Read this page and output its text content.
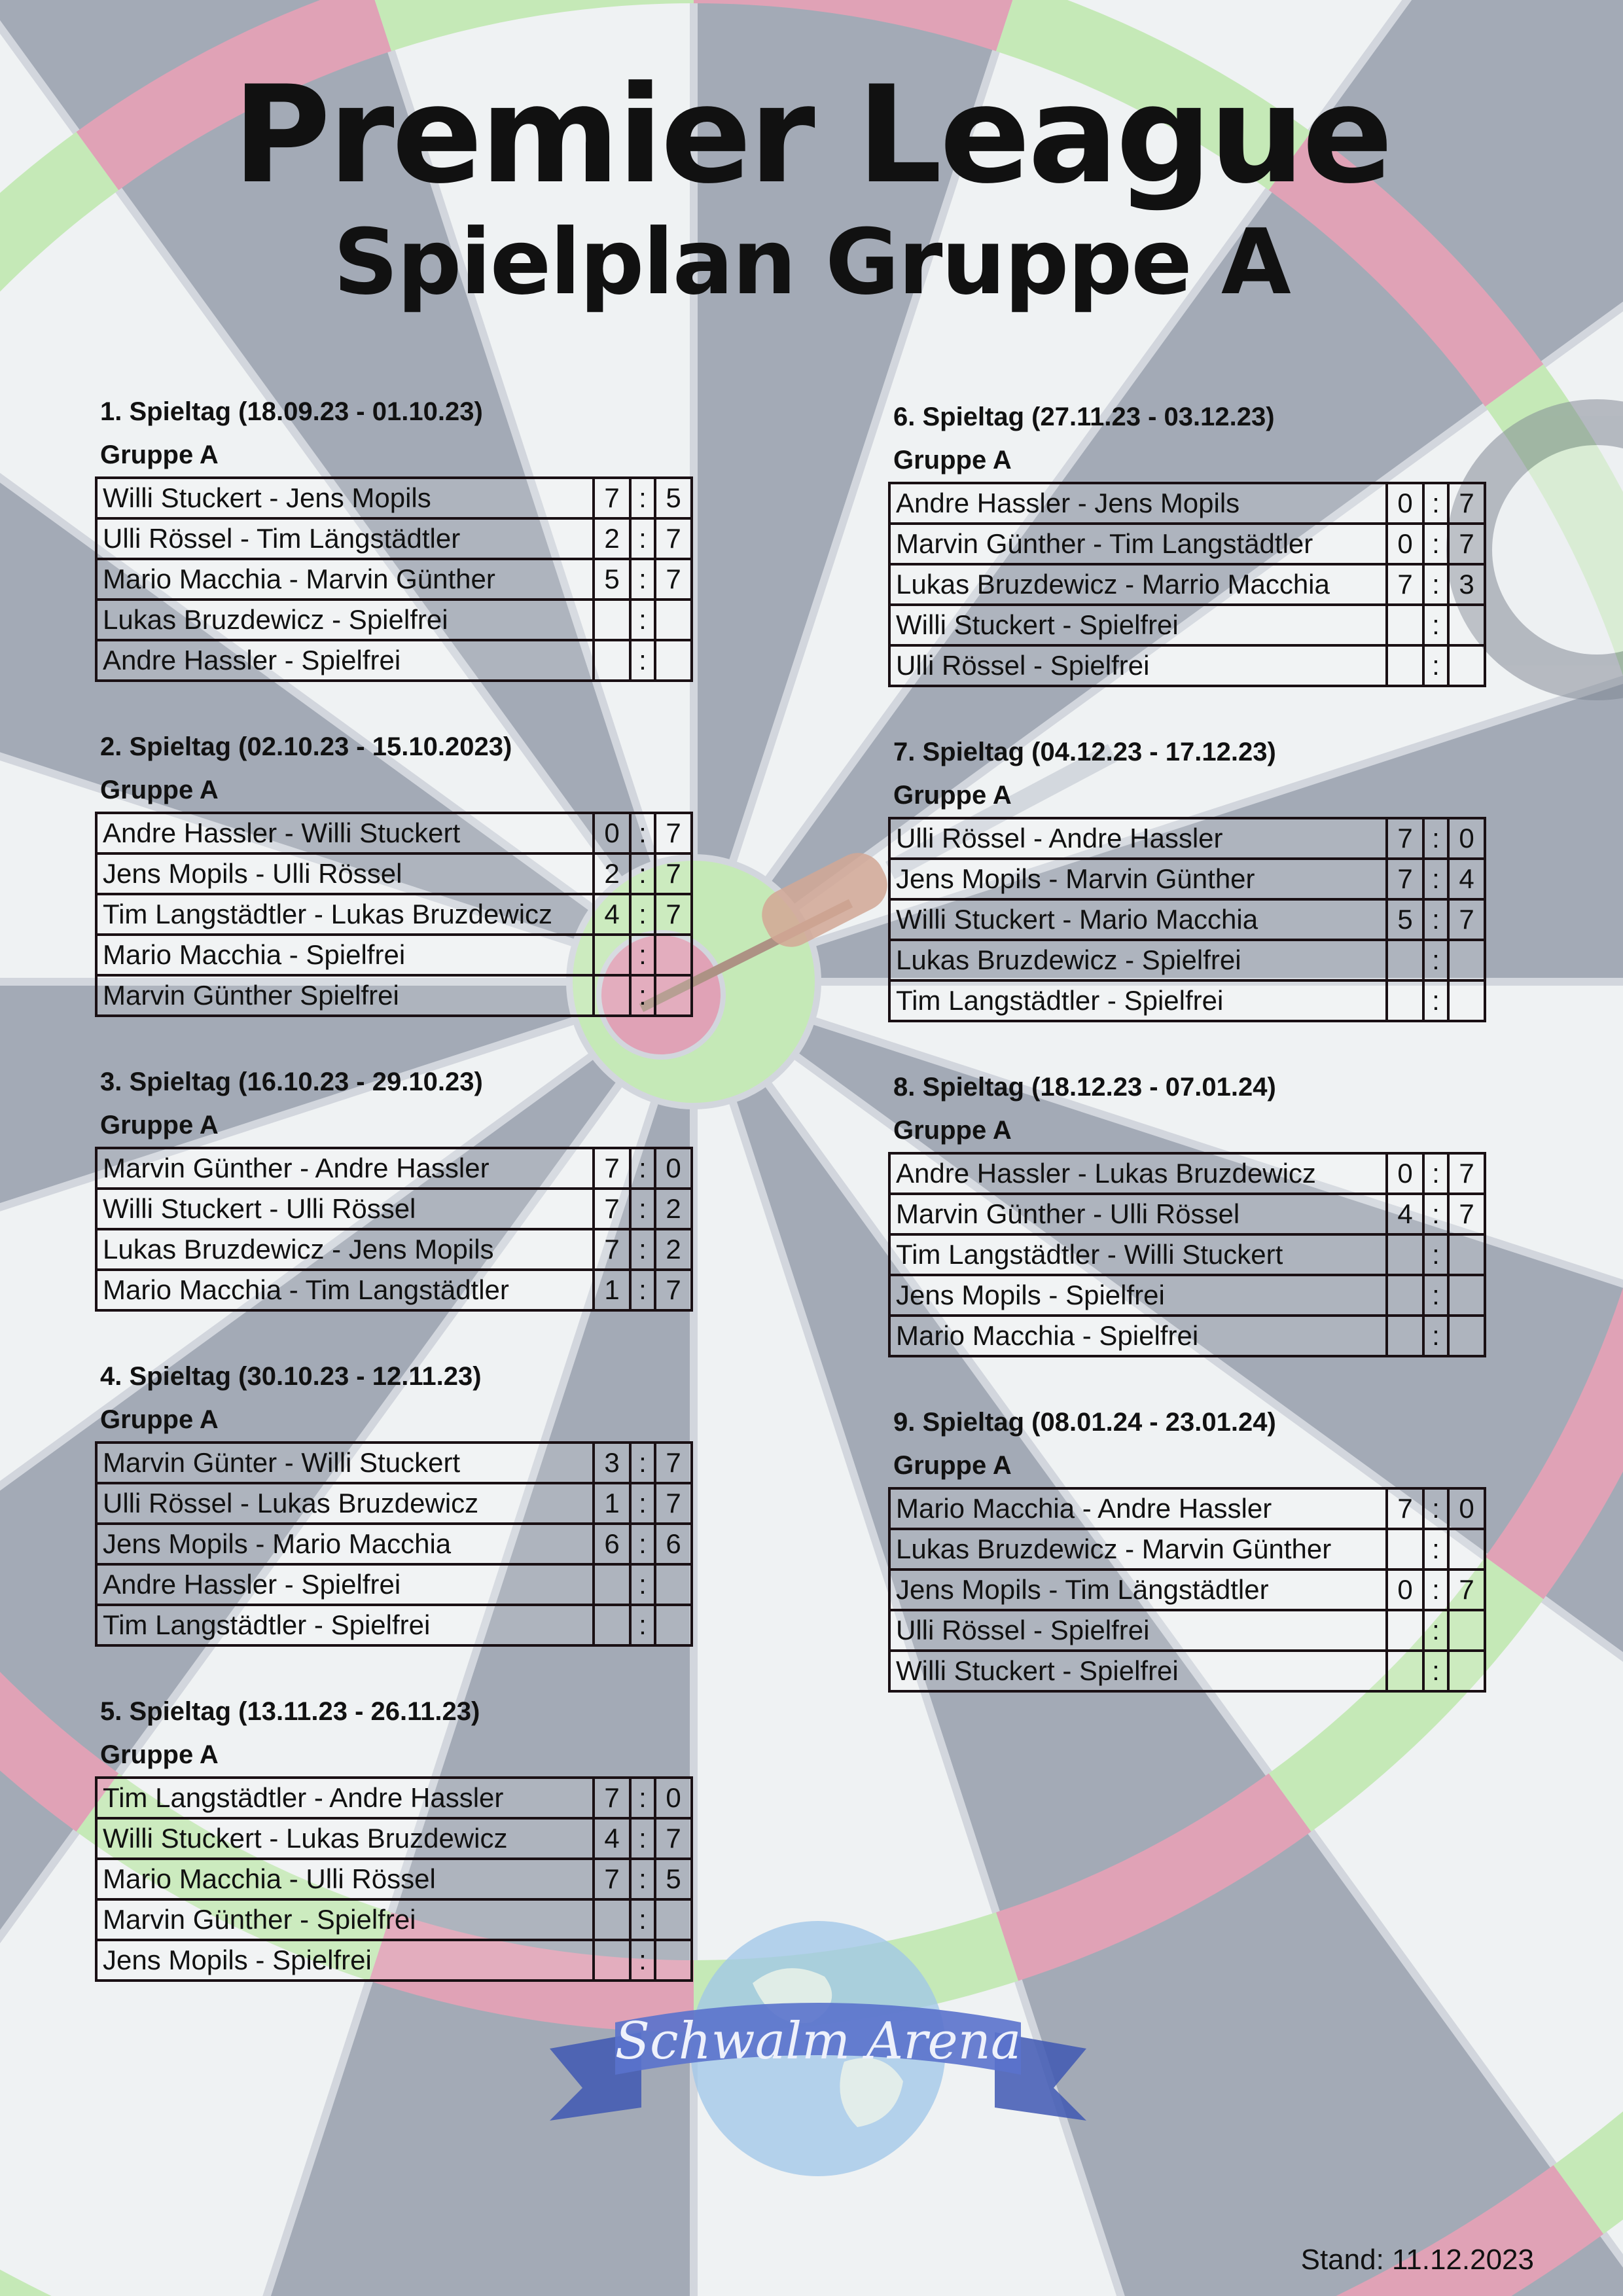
Premier League
Spielplan Gruppe A
1. Spieltag (18.09.23 - 01.10.23)
Gruppe A
Willi Stuckert - Jens Mopils	7	:	5
Ulli Rössel - Tim Längstädtler	2	:	7
Mario Macchia - Marvin Günther	5	:	7
Lukas Bruzdewicz - Spielfrei		:	
Andre Hassler - Spielfrei		:	
2. Spieltag (02.10.23 - 15.10.2023)
Gruppe A
Andre Hassler - Willi Stuckert	0	:	7
Jens Mopils - Ulli Rössel	2	:	7
Tim Langstädtler - Lukas Bruzdewicz	4	:	7
Mario Macchia - Spielfrei		:	
Marvin Günther Spielfrei		:	
3. Spieltag (16.10.23 - 29.10.23)
Gruppe A
Marvin Günther - Andre Hassler	7	:	0
Willi Stuckert - Ulli Rössel	7	:	2
Lukas Bruzdewicz - Jens Mopils	7	:	2
Mario Macchia - Tim Langstädtler	1	:	7
4. Spieltag (30.10.23 - 12.11.23)
Gruppe A
Marvin Günter - Willi Stuckert	3	:	7
Ulli Rössel - Lukas Bruzdewicz	1	:	7
Jens Mopils - Mario Macchia	6	:	6
Andre Hassler - Spielfrei		:	
Tim Langstädtler - Spielfrei		:	
5. Spieltag (13.11.23 - 26.11.23)
Gruppe A
Tim Langstädtler - Andre Hassler	7	:	0
Willi Stuckert - Lukas Bruzdewicz	4	:	7
Mario Macchia - Ulli Rössel	7	:	5
Marvin Günther - Spielfrei		:	
Jens Mopils - Spielfrei		:	
6. Spieltag (27.11.23 - 03.12.23)
Gruppe A
Andre Hassler - Jens Mopils	0	:	7
Marvin Günther - Tim Langstädtler	0	:	7
Lukas Bruzdewicz - Marrio Macchia	7	:	3
Willi Stuckert - Spielfrei		:	
Ulli Rössel - Spielfrei		:	
7. Spieltag (04.12.23 - 17.12.23)
Gruppe A
Ulli Rössel - Andre Hassler	7	:	0
Jens Mopils - Marvin Günther	7	:	4
Willi Stuckert - Mario Macchia	5	:	7
Lukas Bruzdewicz - Spielfrei		:	
Tim Langstädtler - Spielfrei		:	
8. Spieltag (18.12.23 - 07.01.24)
Gruppe A
Andre Hassler - Lukas Bruzdewicz	0	:	7
Marvin Günther - Ulli Rössel	4	:	7
Tim Langstädtler - Willi Stuckert		:	
Jens Mopils - Spielfrei		:	
Mario Macchia - Spielfrei		:	
9. Spieltag (08.01.24 - 23.01.24)
Gruppe A
Mario Macchia - Andre Hassler	7	:	0
Lukas Bruzdewicz - Marvin Günther		:	
Jens Mopils - Tim Längstädtler	0	:	7
Ulli Rössel - Spielfrei		:	
Willi Stuckert - Spielfrei		:	
Schwalm Arena
Stand: 11.12.2023
